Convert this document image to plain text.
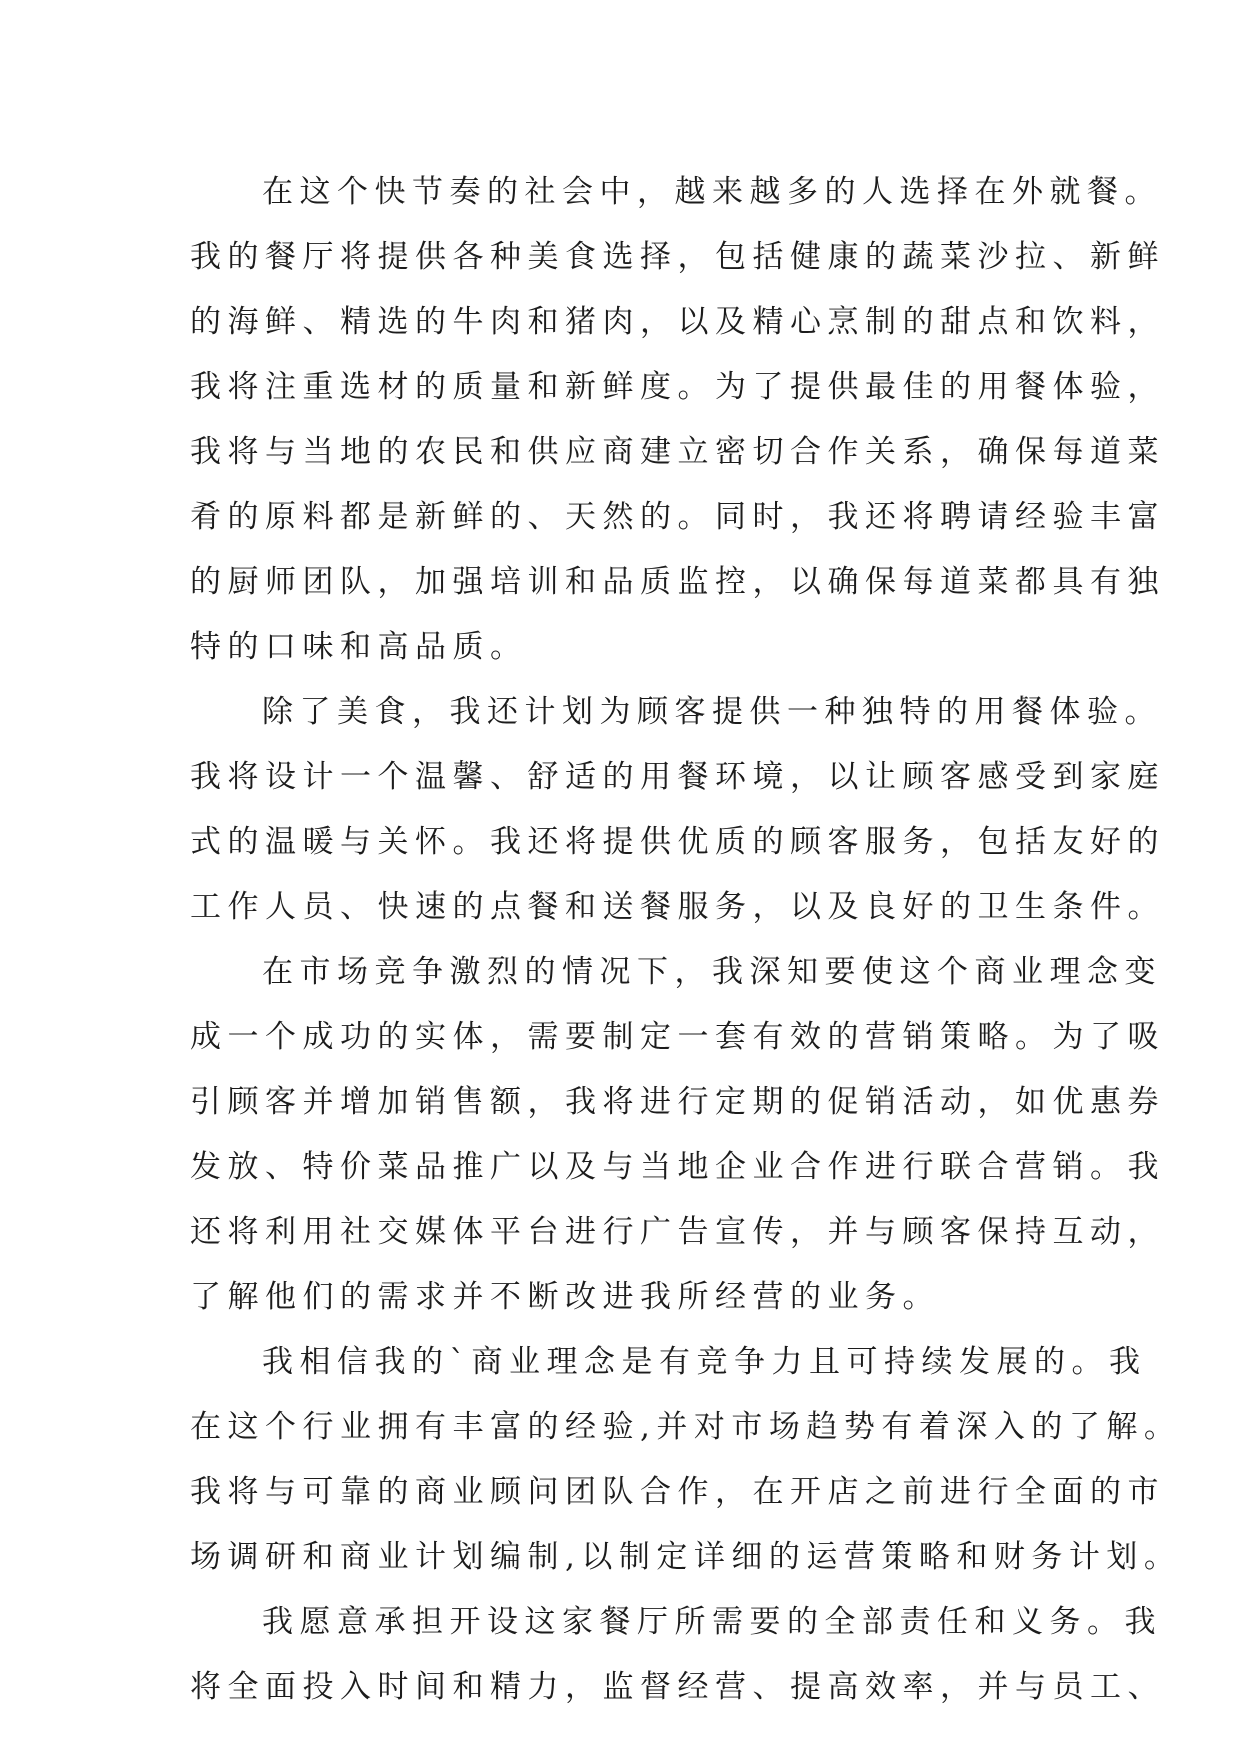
在这个快节奏的社会中，越来越多的人选择在外就餐。
我的餐厅将提供各种美食选择，包括健康的蔬菜沙拉、新鲜
的海鲜、精选的牛肉和猪肉，以及精心烹制的甜点和饮料，
我将注重选材的质量和新鲜度。为了提供最佳的用餐体验，
我将与当地的农民和供应商建立密切合作关系，确保每道菜
肴的原料都是新鲜的、天然的。同时，我还将聘请经验丰富
的厨师团队，加强培训和品质监控，以确保每道菜都具有独
特的口味和高品质。
除了美食，我还计划为顾客提供一种独特的用餐体验。
我将设计一个温馨、舒适的用餐环境，以让顾客感受到家庭
式的温暖与关怀。我还将提供优质的顾客服务，包括友好的
工作人员、快速的点餐和送餐服务，以及良好的卫生条件。
在市场竞争激烈的情况下，我深知要使这个商业理念变
成一个成功的实体，需要制定一套有效的营销策略。为了吸
引顾客并增加销售额，我将进行定期的促销活动，如优惠券
发放、特价菜品推广以及与当地企业合作进行联合营销。我
还将利用社交媒体平台进行广告宣传，并与顾客保持互动，
了解他们的需求并不断改进我所经营的业务。
我相信我的`商业理念是有竞争力且可持续发展的。我
在这个行业拥有丰富的经验,并对市场趋势有着深入的了解。
我将与可靠的商业顾问团队合作，在开店之前进行全面的市
场调研和商业计划编制,以制定详细的运营策略和财务计划。
我愿意承担开设这家餐厅所需要的全部责任和义务。我
将全面投入时间和精力，监督经营、提高效率，并与员工、
